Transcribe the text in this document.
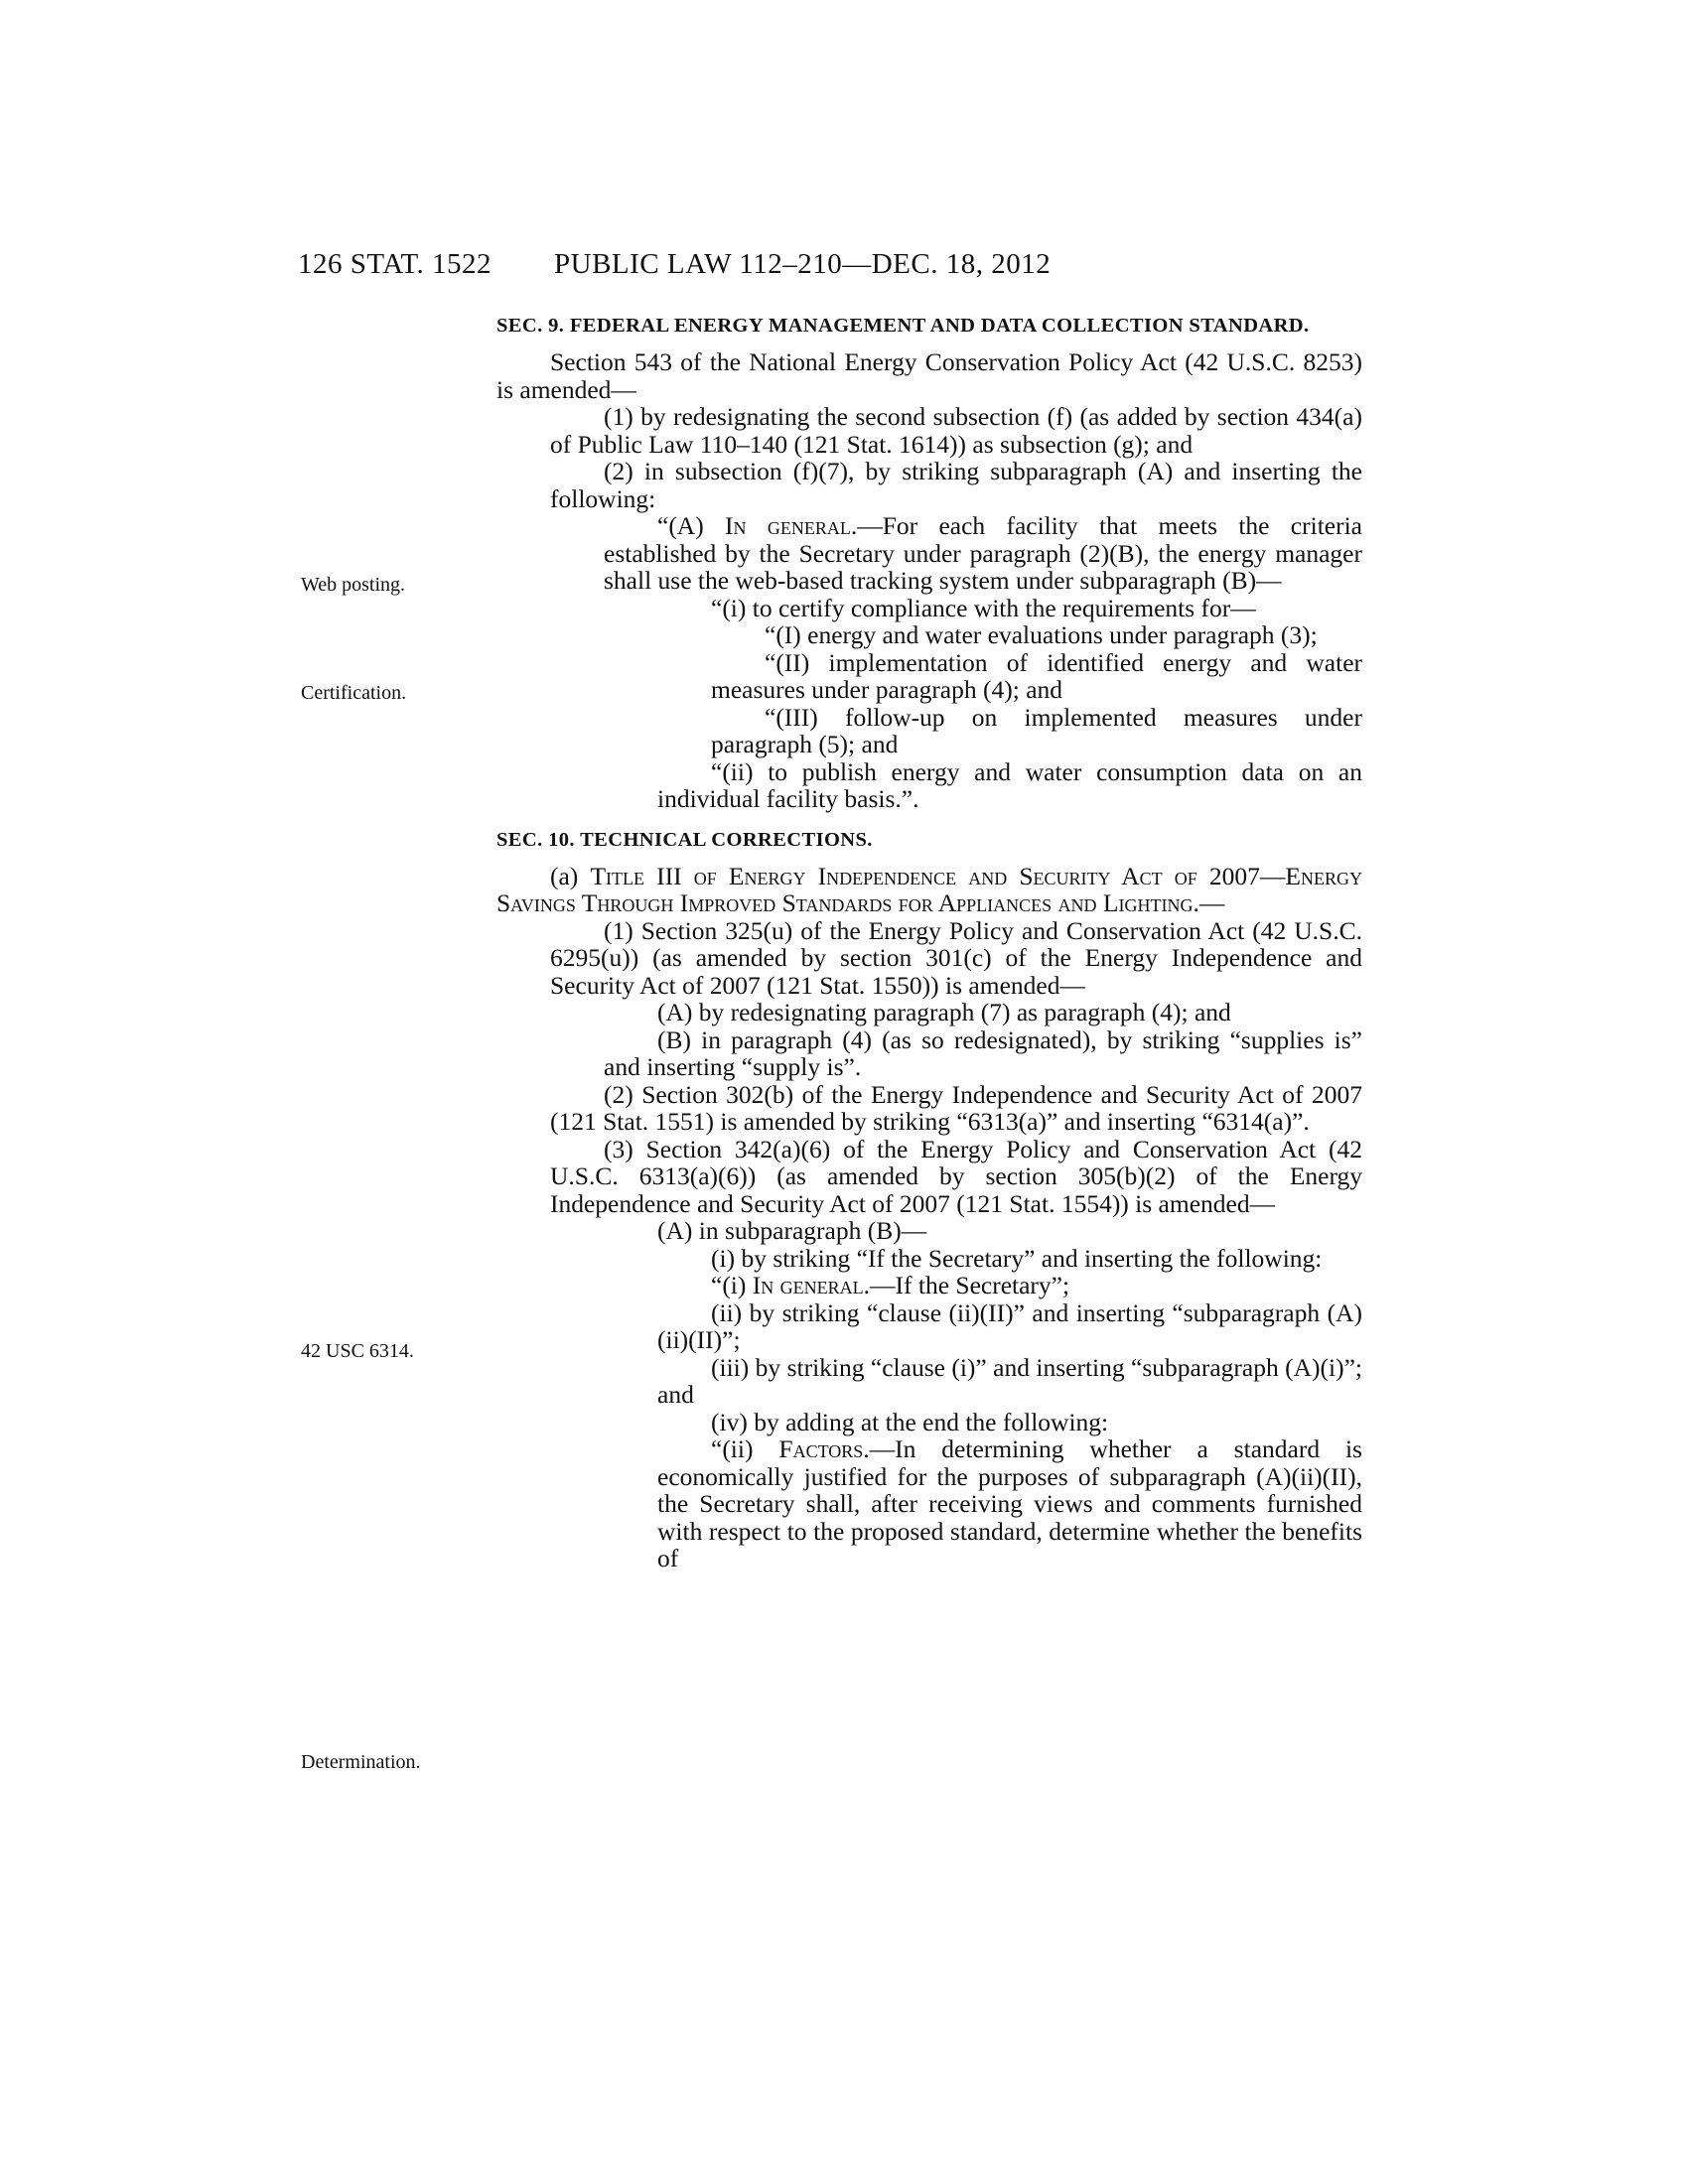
126 STAT. 1522 PUBLIC LAW 112–210—DEC. 18, 2012
Web posting.
Certification.
42 USC 6314.
Determination.
SEC. 9. FEDERAL ENERGY MANAGEMENT AND DATA COLLECTION STANDARD.

Section 543 of the National Energy Conservation Policy Act (42 U.S.C. 8253) is amended—

(1) by redesignating the second subsection (f) (as added by section 434(a) of Public Law 110–140 (121 Stat. 1614)) as subsection (g); and

(2) in subsection (f)(7), by striking subparagraph (A) and inserting the following:

“(A) In general.—For each facility that meets the criteria established by the Secretary under paragraph (2)(B), the energy manager shall use the web-based tracking system under subparagraph (B)—

“(i) to certify compliance with the requirements for—

“(I) energy and water evaluations under paragraph (3);

“(II) implementation of identified energy and water measures under paragraph (4); and

“(III) follow-up on implemented measures under paragraph (5); and

“(ii) to publish energy and water consumption data on an individual facility basis.”.

SEC. 10. TECHNICAL CORRECTIONS.

(a) Title III of Energy Independence and Security Act of 2007—Energy Savings Through Improved Standards for Appliances and Lighting.—

(1) Section 325(u) of the Energy Policy and Conservation Act (42 U.S.C. 6295(u)) (as amended by section 301(c) of the Energy Independence and Security Act of 2007 (121 Stat. 1550)) is amended—

(A) by redesignating paragraph (7) as paragraph (4); and

(B) in paragraph (4) (as so redesignated), by striking “supplies is” and inserting “supply is”.

(2) Section 302(b) of the Energy Independence and Security Act of 2007 (121 Stat. 1551) is amended by striking “6313(a)” and inserting “6314(a)”.

(3) Section 342(a)(6) of the Energy Policy and Conservation Act (42 U.S.C. 6313(a)(6)) (as amended by section 305(b)(2) of the Energy Independence and Security Act of 2007 (121 Stat. 1554)) is amended—

(A) in subparagraph (B)—

(i) by striking “If the Secretary” and inserting the following:

“(i) In general.—If the Secretary”;

(ii) by striking “clause (ii)(II)” and inserting “subparagraph (A)(ii)(II)”;

(iii) by striking “clause (i)” and inserting “subparagraph (A)(i)”; and

(iv) by adding at the end the following:

“(ii) Factors.—In determining whether a standard is economically justified for the purposes of subparagraph (A)(ii)(II), the Secretary shall, after receiving views and comments furnished with respect to the proposed standard, determine whether the benefits of
